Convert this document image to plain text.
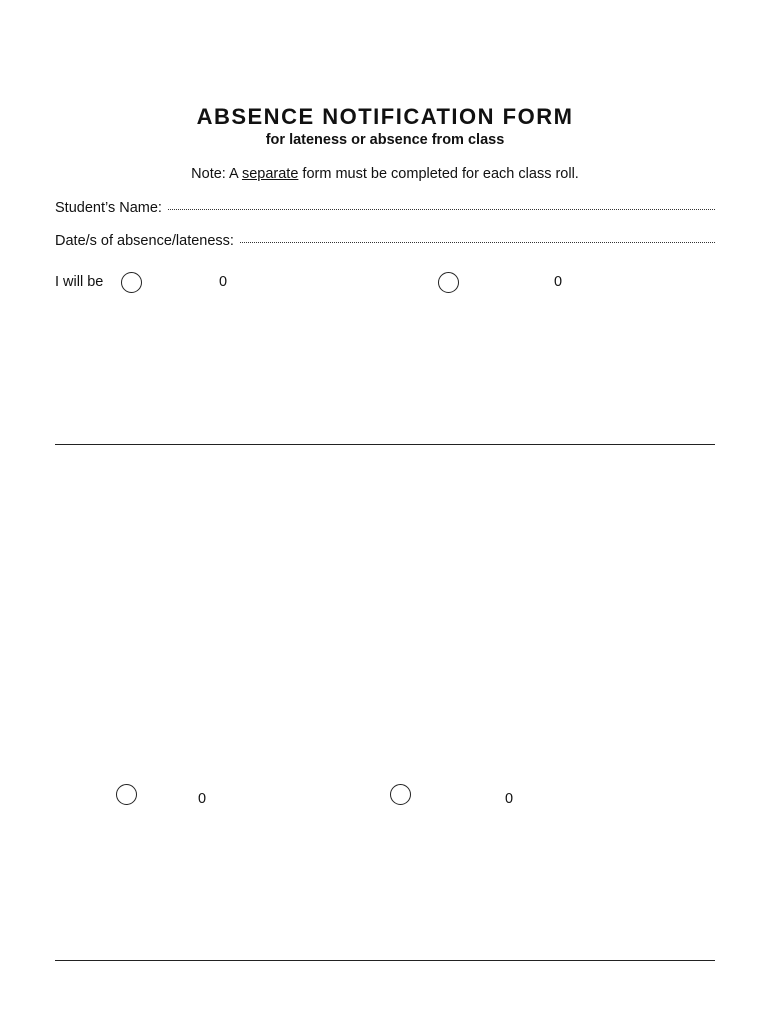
ABSENCE NOTIFICATION FORM
for lateness or absence from class
Note: A separate form must be completed for each class roll.
Student’s Name:
Date/s of absence/lateness:
I will be	0	0
0	0
